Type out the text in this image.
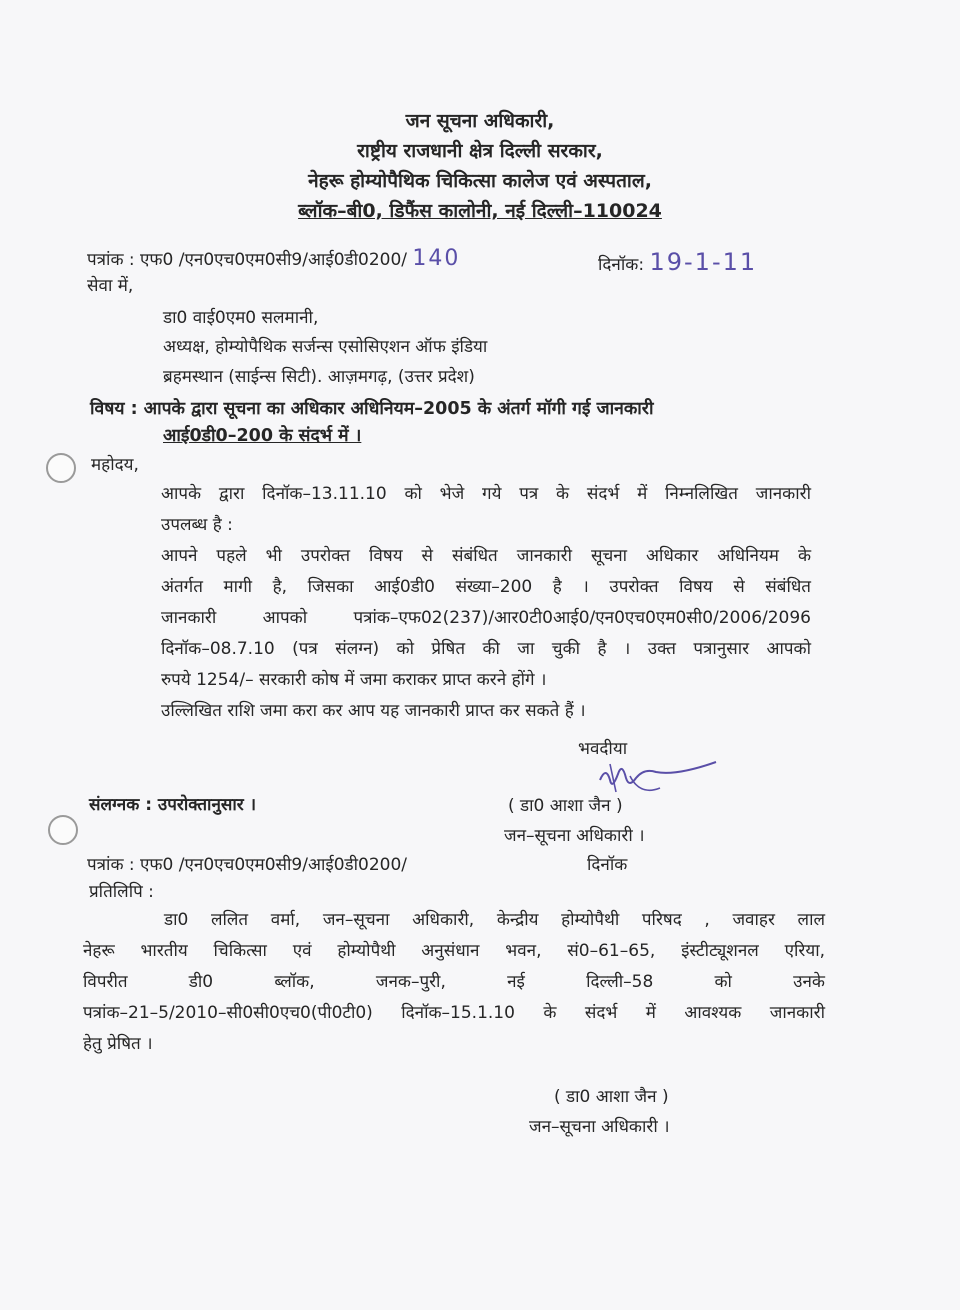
जन सूचना अधिकारी,
राष्ट्रीय राजधानी क्षेत्र दिल्ली सरकार,
नेहरू होम्योपैथिक चिकित्सा कालेज एवं अस्पताल,
ब्लॉक–बी0, डिफैंस कालोनी, नई दिल्ली–110024
पत्रांक : एफ0 /एन0एच0एम0सी9/आई0डी0200/ 140	दिनॉक: 19-1-11
सेवा में,
डा0 वाई0एम0 सलमानी,
अध्यक्ष, होम्योपैथिक सर्जन्स एसोसिएशन ऑफ इंडिया
ब्रहमस्थान (साईन्स सिटी). आज़मगढ़, (उत्तर प्रदेश)
विषय : आपके द्वारा सूचना का अधिकार अधिनियम–2005 के अंतर्ग मॉगी गई जानकारी
आई0डी0–200 के संदर्भ में ।
महोदय,
आपके द्वारा दिनॉक–13.11.10 को भेजे गये पत्र के संदर्भ में निम्नलिखित जानकारी
उपलब्ध है :
आपने पहले भी उपरोक्त विषय से संबंधित जानकारी सूचना अधिकार अधिनियम के
अंतर्गत मागी है, जिसका आई0डी0 संख्या–200 है । उपरोक्त विषय से संबंधित
जानकारी आपको पत्रांक–एफ02(237)/आर0टी0आई0/एन0एच0एम0सी0/2006/2096
दिनॉक–08.7.10 (पत्र संलग्न) को प्रेषित की जा चुकी है । उक्त पत्रानुसार आपको
रुपये 1254/– सरकारी कोष में जमा कराकर प्राप्त करने होंगे ।
उल्लिखित राशि जमा करा कर आप यह जानकारी प्राप्त कर सकते हैं ।
भवदीया
( डा0 आशा जैन )
जन–सूचना अधिकारी ।
संलग्नक : उपरोक्तानुसार ।
पत्रांक : एफ0 /एन0एच0एम0सी9/आई0डी0200/	दिनॉक
प्रतिलिपि :
डा0 ललित वर्मा, जन–सूचना अधिकारी, केन्द्रीय होम्योपैथी परिषद , जवाहर लाल
नेहरू भारतीय चिकित्सा एवं होम्योपैथी अनुसंधान भवन, सं0–61–65, इंस्टीट्यूशनल एरिया,
विपरीत डी0 ब्लॉक, जनक–पुरी, नई दिल्ली–58 को उनके
पत्रांक–21–5/2010–सी0सी0एच0(पी0टी0) दिनॉक–15.1.10 के संदर्भ में आवश्यक जानकारी
हेतु प्रेषित ।
( डा0 आशा जैन )
जन–सूचना अधिकारी ।
